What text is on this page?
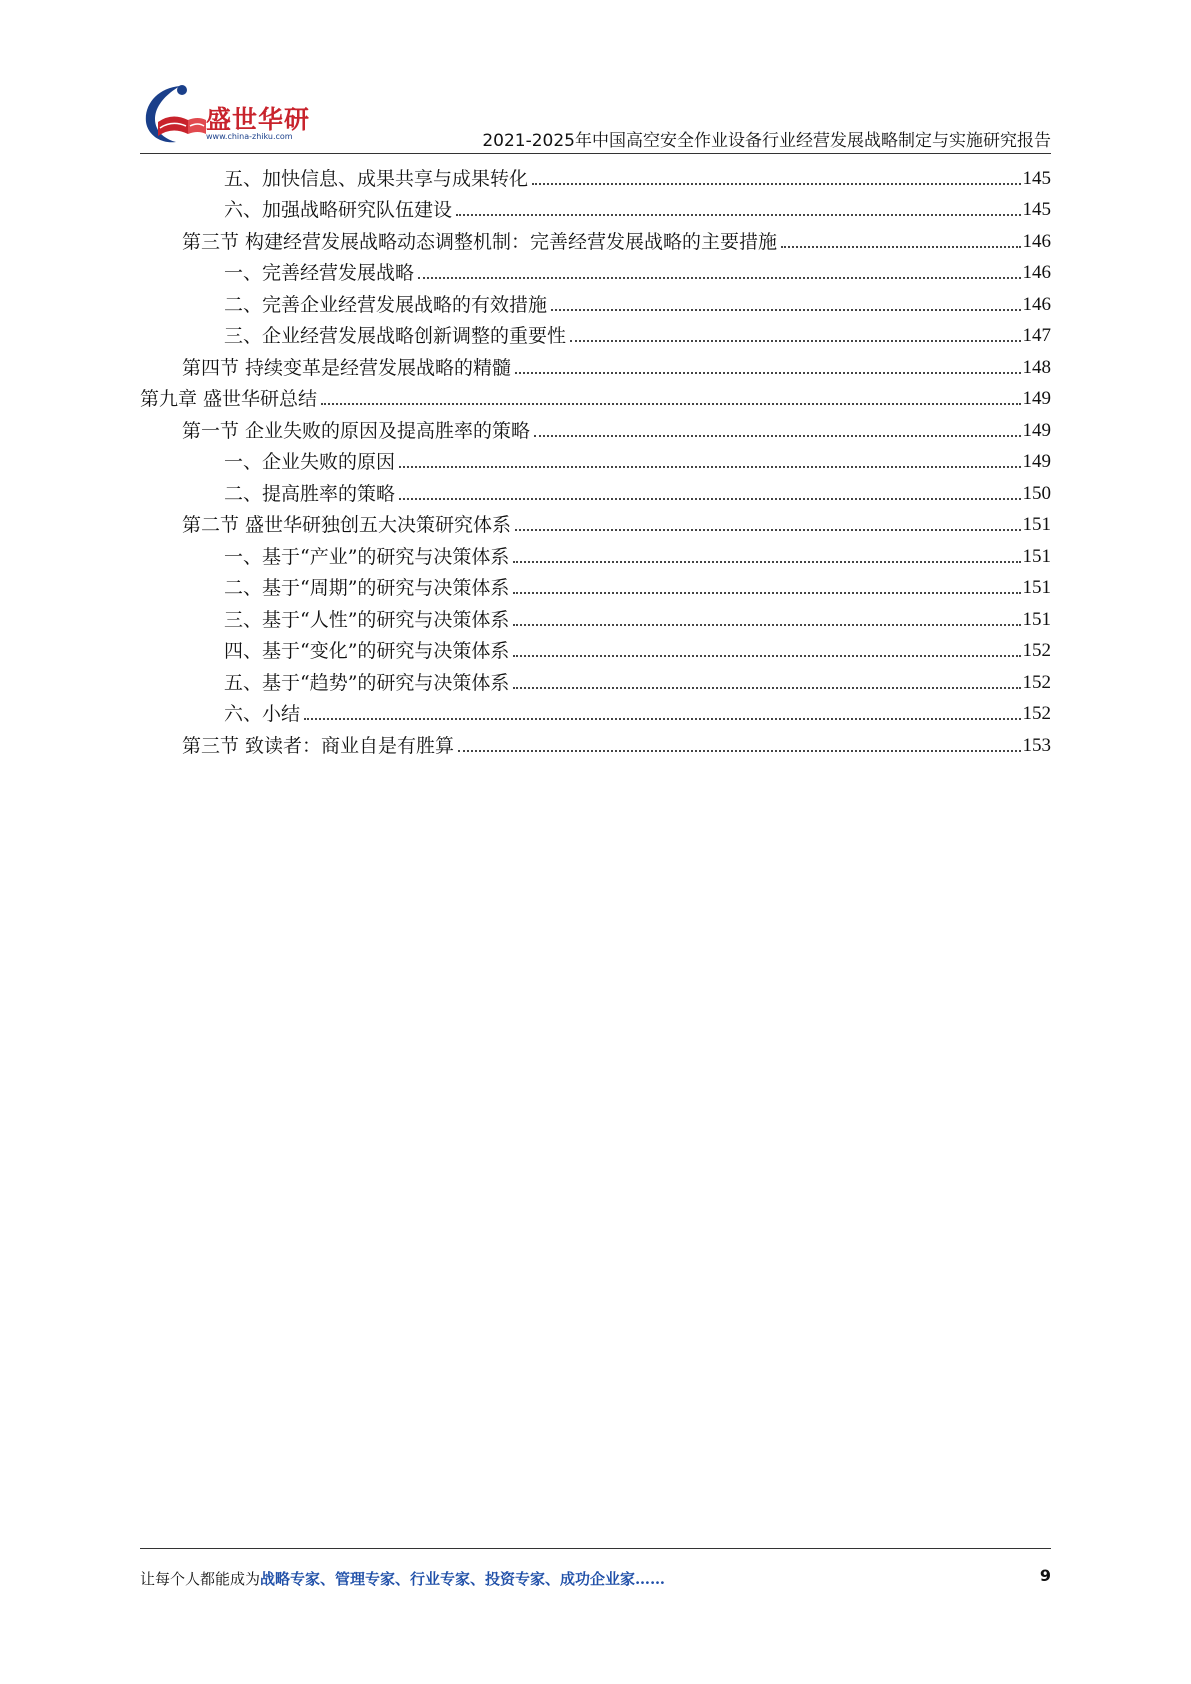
盛世华研
www.china-zhiku.com	2021-2025年中国高空安全作业设备行业经营发展战略制定与实施研究报告
五、加快信息、成果共享与成果转化	145
六、加强战略研究队伍建设	145
第三节 构建经营发展战略动态调整机制：完善经营发展战略的主要措施	146
一、完善经营发展战略	146
二、完善企业经营发展战略的有效措施	146
三、企业经营发展战略创新调整的重要性	147
第四节 持续变革是经营发展战略的精髓	148
第九章 盛世华研总结	149
第一节 企业失败的原因及提高胜率的策略	149
一、企业失败的原因	149
二、提高胜率的策略	150
第二节 盛世华研独创五大决策研究体系	151
一、基于“产业”的研究与决策体系	151
二、基于“周期”的研究与决策体系	151
三、基于“人性”的研究与决策体系	151
四、基于“变化”的研究与决策体系	152
五、基于“趋势”的研究与决策体系	152
六、小结	152
第三节 致读者：商业自是有胜算	153
让每个人都能成为战略专家、管理专家、行业专家、投资专家、成功企业家……	9
